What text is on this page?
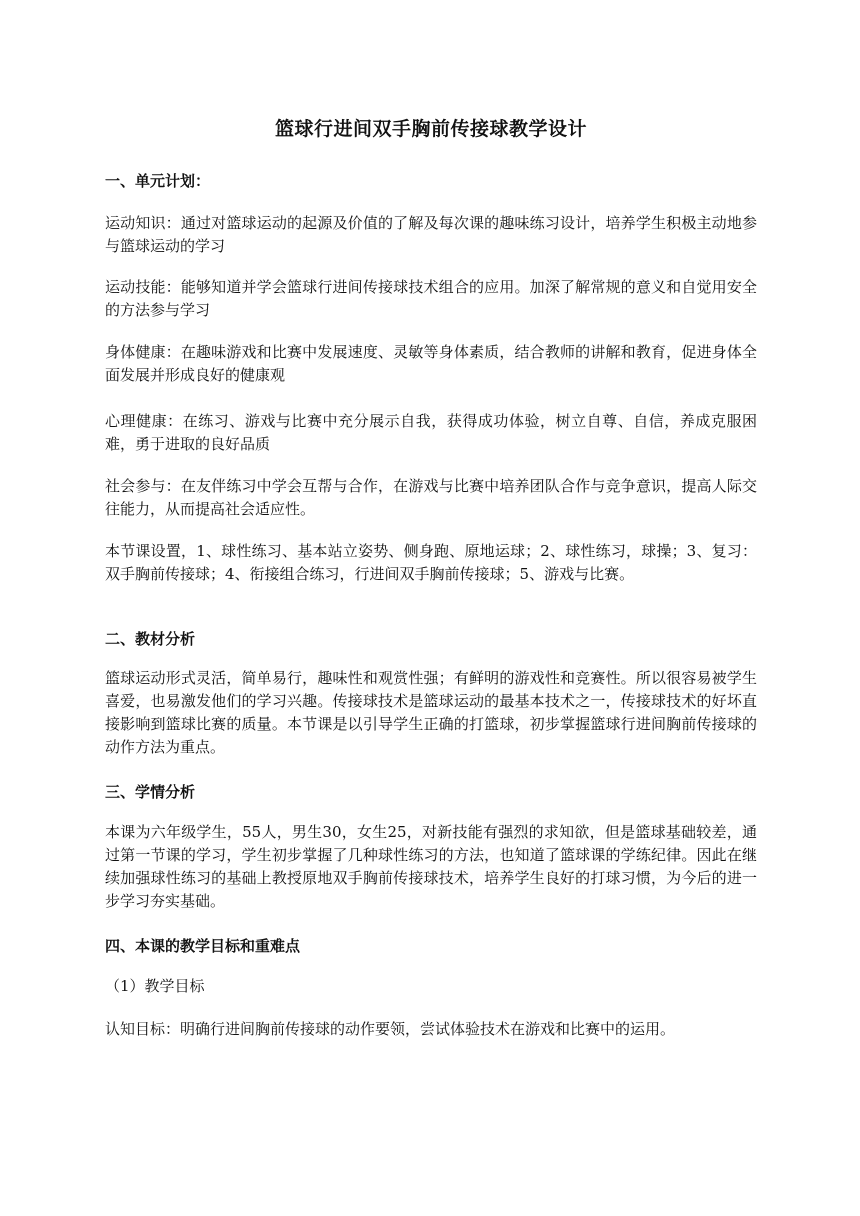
篮球行进间双手胸前传接球教学设计
一、单元计划：
运动知识：通过对篮球运动的起源及价值的了解及每次课的趣味练习设计，培养学生积极主动地参与篮球运动的学习
运动技能：能够知道并学会篮球行进间传接球技术组合的应用。加深了解常规的意义和自觉用安全的方法参与学习
身体健康：在趣味游戏和比赛中发展速度、灵敏等身体素质，结合教师的讲解和教育，促进身体全面发展并形成良好的健康观
心理健康：在练习、游戏与比赛中充分展示自我，获得成功体验，树立自尊、自信，养成克服困难，勇于进取的良好品质
社会参与：在友伴练习中学会互帮与合作，在游戏与比赛中培养团队合作与竞争意识，提高人际交往能力，从而提高社会适应性。
本节课设置，1、球性练习、基本站立姿势、侧身跑、原地运球；2、球性练习，球操；3、复习：双手胸前传接球；4、衔接组合练习，行进间双手胸前传接球；5、游戏与比赛。
二、教材分析
篮球运动形式灵活，简单易行，趣味性和观赏性强；有鲜明的游戏性和竞赛性。所以很容易被学生喜爱，也易激发他们的学习兴趣。传接球技术是篮球运动的最基本技术之一，传接球技术的好坏直接影响到篮球比赛的质量。本节课是以引导学生正确的打篮球，初步掌握篮球行进间胸前传接球的动作方法为重点。
三、学情分析
本课为六年级学生，55人，男生30，女生25，对新技能有强烈的求知欲，但是篮球基础较差，通过第一节课的学习，学生初步掌握了几种球性练习的方法，也知道了篮球课的学练纪律。因此在继续加强球性练习的基础上教授原地双手胸前传接球技术，培养学生良好的打球习惯，为今后的进一步学习夯实基础。
四、本课的教学目标和重难点
（1）教学目标
认知目标：明确行进间胸前传接球的动作要领，尝试体验技术在游戏和比赛中的运用。
